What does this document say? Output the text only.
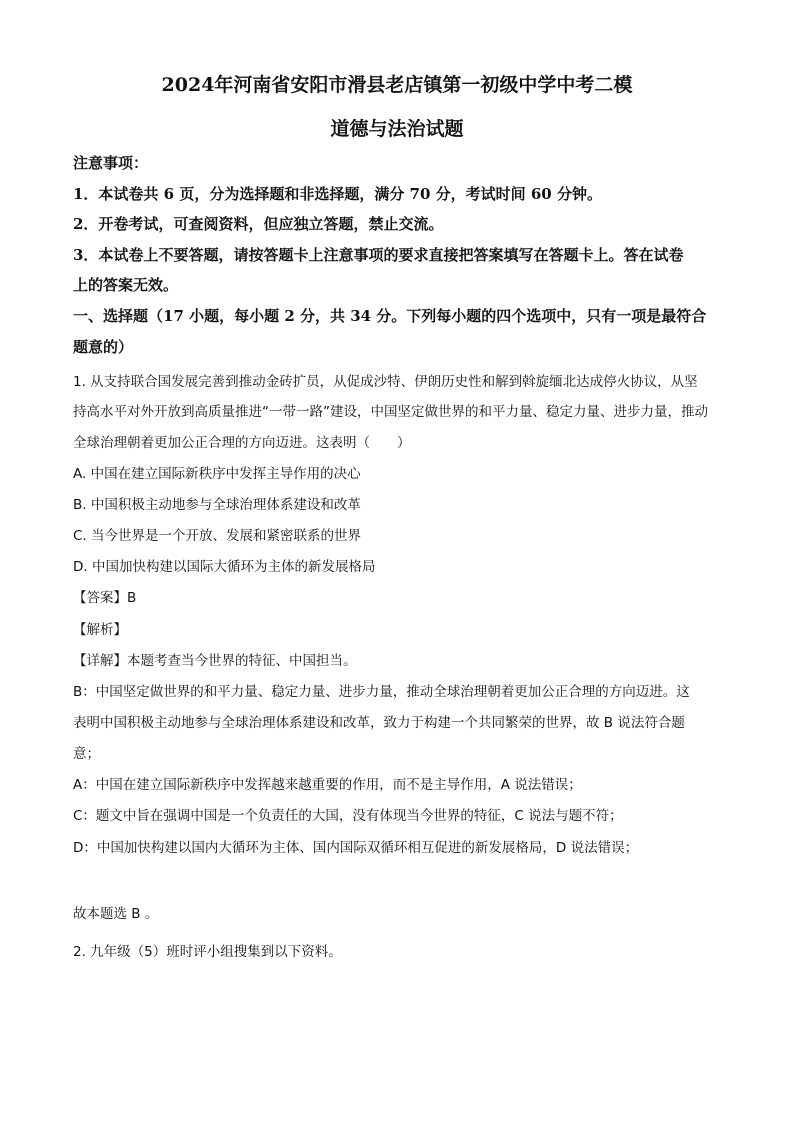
2024年河南省安阳市滑县老店镇第一初级中学中考二模
道德与法治试题
注意事项：
1．本试卷共 6 页，分为选择题和非选择题，满分 70 分，考试时间 60 分钟。
2．开卷考试，可查阅资料，但应独立答题，禁止交流。
3．本试卷上不要答题，请按答题卡上注意事项的要求直接把答案填写在答题卡上。答在试卷
上的答案无效。
一、选择题（17 小题，每小题 2 分，共 34 分。下列每小题的四个选项中，只有一项是最符合
题意的）
1. 从支持联合国发展完善到推动金砖扩员，从促成沙特、伊朗历史性和解到斡旋缅北达成停火协议，从坚
持高水平对外开放到高质量推进“一带一路”建设，中国坚定做世界的和平力量、稳定力量、进步力量，推动
全球治理朝着更加公正合理的方向迈进。这表明（　　）
A. 中国在建立国际新秩序中发挥主导作用的决心
B. 中国积极主动地参与全球治理体系建设和改革
C. 当今世界是一个开放、发展和紧密联系的世界
D. 中国加快构建以国际大循环为主体的新发展格局
【答案】B
【解析】
【详解】本题考查当今世界的特征、中国担当。
B：中国坚定做世界的和平力量、稳定力量、进步力量，推动全球治理朝着更加公正合理的方向迈进。这
表明中国积极主动地参与全球治理体系建设和改革，致力于构建一个共同繁荣的世界，故 B 说法符合题
意；
A：中国在建立国际新秩序中发挥越来越重要的作用，而不是主导作用，A 说法错误；
C：题文中旨在强调中国是一个负责任的大国，没有体现当今世界的特征，C 说法与题不符；
D：中国加快构建以国内大循环为主体、国内国际双循环相互促进的新发展格局，D 说法错误；
故本题选 B 。
2. 九年级（5）班时评小组搜集到以下资料。
